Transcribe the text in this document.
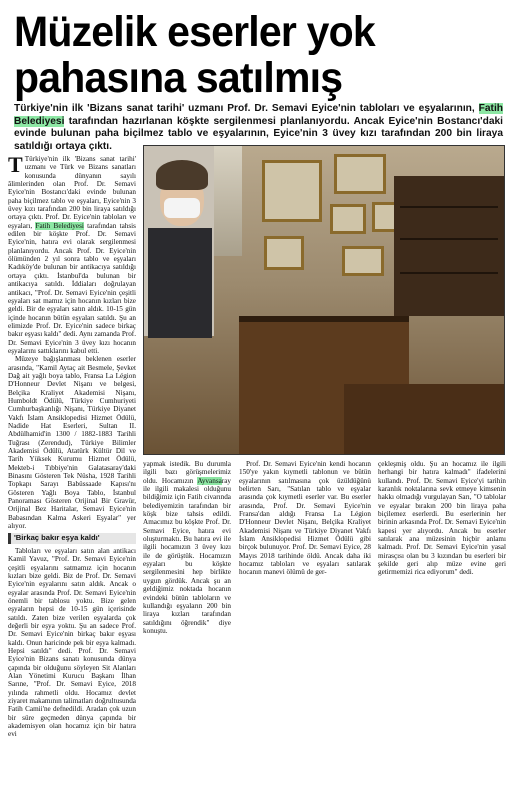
Müzelik eserler yok
pahasına satılmış
Türkiye'nin ilk 'Bizans sanat tarihi' uzmanı Prof. Dr. Semavi Eyice'nin tabloları ve eşyalarının, Fatih Belediyesi tarafından hazırlanan köşkte sergilenmesi planlanıyordu. Ancak Eyice'nin Bostancı'daki evinde bulunan paha biçilmez tablo ve eşyalarının, Eyice'nin 3 üvey kızı tarafından 200 bin liraya satıldığı ortaya çıktı.

T Türkiye'nin ilk 'Bizans sanat tarihi' uzmanı ve Türk ve Bizans sanatları konusunda dünyanın sayılı âlimlerinden olan Prof. Dr. Semavi Eyice'nin Bostancı'daki evinde bulunan paha biçilmez tablo ve eşyaları, Eyice'nin 3 üvey kızı tarafından 200 bin liraya satıldığı ortaya çıktı. Prof. Dr. Eyice'nin tabloları ve eşyaları, Fatih Belediyesi tarafından tahsis edilen bir köşkte Prof. Dr. Semavi Eyice'nin, hatıra evi olarak sergilenmesi planlanıyordu. Ancak Prof. Dr. Eyice'nin ölümünden 2 yıl sonra tablo ve eşyaları Kadıköy'de bulunan bir antikacıya satıldığı ortaya çıktı. İstanbul'da bulunan bir antikacıya satıldı. İddiaları doğrulayan antikacı, "Prof. Dr. Semavi Eyice'nin çeşitli eşyaları sat mamız için hocanın kızları bize geldi. Bir de eşyaları satın aldık. 10-15 gün içinde hocanın bütün eşyaları satıldı. Şu an elimizde Prof. Dr. Eyice'nin sadece birkaç bakır eşyası kaldı" dedi. Aynı zamanda Prof. Dr. Semavi Eyice'nin 3 üvey kızı hocanın eşyalarını sattıklarını kabul etti.

Müzeye bağışlanması beklenen eserler arasında, "Kamil Aytaç ait Besmele, Şevket Dağ ait yağlı boya tablo, Fransa La Légion D'Honneur Devlet Nişanı ve belgesi, Belçika Kraliyet Akademisi Nişanı, Humboldt Ödülü, Türkiye Cumhuriyeti Cumhurbaşkanlığı Nişanı, Türkiye Diyanet Vakfı İslam Ansiklopedisi Hizmet Ödülü, Nadide Hat Eserleri, Sultan II. Abdülhamid'in 1300 / 1882-1883 Tarihli Tuğrası (Zerendud), Türkiye Bilimler Akademisi Ödülü, Atatürk Kültür Dil ve Tarih Yüksek Kurumu Hizmet Ödülü, Mekteb-i Tıbbiye'nin Galatasaray'daki Binasını Gösteren Tek Nüsha, 1928 Tarihli Topkapı Sarayı Babüssaade Kapısı'nı Gösteren Yağlı Boya Tablo, İstanbul Panoraması Gösteren Orijinal Bir Gravür, Orijinal Bez Haritalar, Semavi Eyice'nin Babasından Kalma Askeri Eşyalar" yer alıyor.

'Birkaç bakır eşya kaldı'

Tabloları ve eşyaları satın alan antikacı Kamil Yavuz, "Prof. Dr. Semavi Eyice'nin çeşitli eşyalarını satmamız için hocanın kızları bize geldi. Biz de Prof. Dr. Semavi Eyice'nin eşyalarını satın aldık. Ancak o eşyalar arasında Prof. Dr. Semavi Eyice'nin önemli bir tablosu yoktu. Bize gelen eşyaların hepsi de 10-15 gün içerisinde satıldı. Zaten bize verilen eşyalarda çok değerli bir eşya yoktu. Şu an sadece Prof. Dr. Semavi Eyice'nin birkaç bakır eşyası kaldı. Onun haricinde pek bir eşya kalmadı. Hepsi satıldı" dedi. Prof. Dr. Semavi Eyice'nin Bizans sanatı konusunda dünya çapında bir olduğunu söyleyen Sit Alanları Alan Yönetimi Kurucu Başkanı İlhan Sarıne, "Prof. Dr. Semavi Eyice, 2018 yılında rahmetli oldu. Hocamız devlet ziyaret makamının talimatları doğrultusunda Fatih Camii'ne defnedildi. Aradan çok uzun bir süre geçmeden dünya çapında bir akademisyen olan hocamız için bir hatıra evi

yapmak istedik. Bu durumla ilgili bazı görüşmelerimiz oldu. Hocamızın Ayvansaray ile ilgili makalesi olduğunu bildiğimiz için Fatih civarında belediyemizin tarafından bir köşk bize tahsis edildi. Amacımız bu köşkte Prof. Dr. Semavi Eyice, hatıra evi oluşturmaktı. Bu hatıra evi ile ilgili hocamızın 3 üvey kızı ile de görüştük. Hocamızın eşyaları bu köşkte sergilenmesini hep birlikte uygun gördük. Ancak şu an geldiğimiz noktada hocanın evindeki bütün tabloların ve kullandığı eşyaların 200 bin liraya kızları tarafından satıldığını öğrendik" diye konuştu.

Prof. Dr. Semavi Eyice'nin kendi hocanın 150'ye yakın kıymetli tablonun ve bütün eşyalarının satılmasına çok üzüldüğünü belirten Sarı, "Satılan tablo ve eşyalar arasında çok kıymetli eserler var. Bu eserler arasında, Prof. Dr. Semavi Eyice'nin Fransa'dan aldığı Fransa La Légion D'Honneur Devlet Nişanı, Belçika Kraliyet Akademisi Nişanı ve Türkiye Diyanet Vakfı İslam Ansiklopedisi Hizmet Ödülü gibi birçok bulunuyor. Prof. Dr. Semavi Eyice, 28 Mayıs 2018 tarihinde öldü. Ancak daha iki hocamız tabloları ve eşyaları satılarak hocanın manevi ölümü de ger-

çekleşmiş oldu. Şu an hocamız ile ilgili herhangi bir hatıra kalmadı" ifadelerini kullandı. Prof. Dr. Semavi Eyice'yi tarihin karanlık noktalarına sevk etmeye kimsenin hakkı olmadığı vurgulayan Sarı, "O tablolar ve eşyalar bırakın 200 bin liraya paha biçilemez eserlerdi. Bu eserlerinin her birinin arkasında Prof. Dr. Semavi Eyice'nin kapesi yer alıyordu. Ancak bu eserler satılarak ana müzesinin hiçbir anlamı kalmadı. Prof. Dr. Semavi Eyice'nin yasal mirasçısı olan bu 3 kızından bu eserleri bir şekilde geri alıp müze evine geri getirmemizi rica ediyorum" dedi.
